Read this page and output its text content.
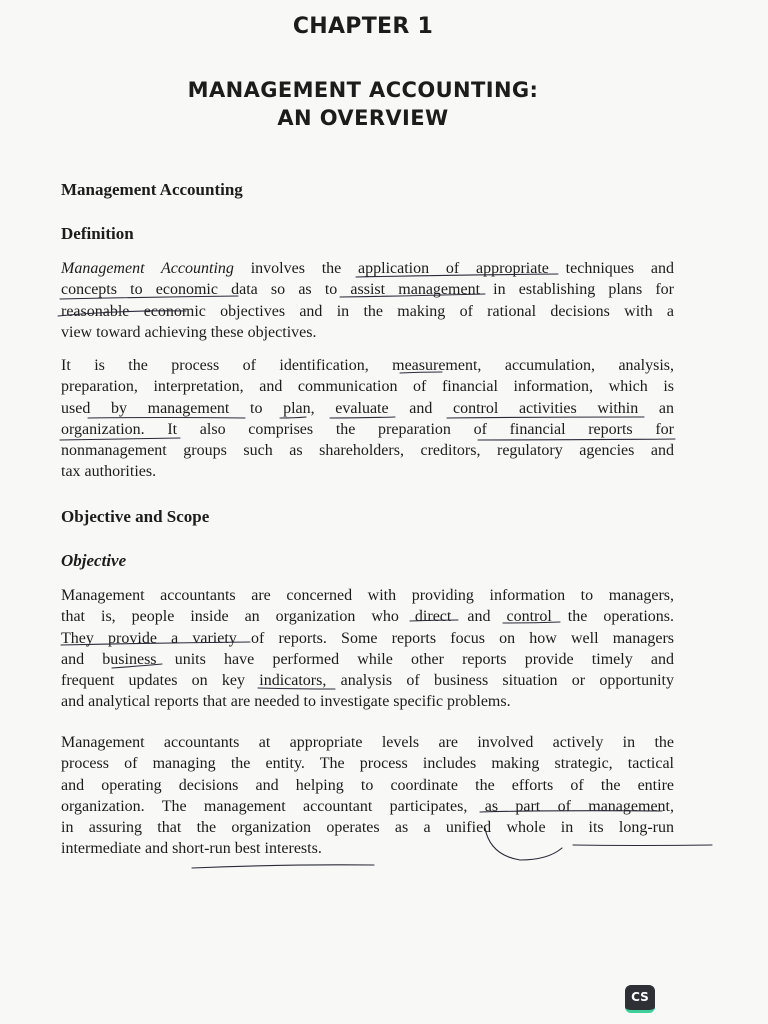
CHAPTER 1
MANAGEMENT ACCOUNTING:
AN OVERVIEW
Management Accounting
Definition
Management Accounting involves the application of appropriate techniques and
concepts to economic data so as to assist management in establishing plans for
reasonable economic objectives and in the making of rational decisions with a
view toward achieving these objectives.
It is the process of identification, measurement, accumulation, analysis,
preparation, interpretation, and communication of financial information, which is
used by management to plan, evaluate and control activities within an
organization. It also comprises the preparation of financial reports for
nonmanagement groups such as shareholders, creditors, regulatory agencies and
tax authorities.
Objective and Scope
Objective
Management accountants are concerned with providing information to managers,
that is, people inside an organization who direct and control the operations.
They provide a variety of reports. Some reports focus on how well managers
and business units have performed while other reports provide timely and
frequent updates on key indicators, analysis of business situation or opportunity
and analytical reports that are needed to investigate specific problems.
Management accountants at appropriate levels are involved actively in the
process of managing the entity. The process includes making strategic, tactical
and operating decisions and helping to coordinate the efforts of the entire
organization. The management accountant participates, as part of management,
in assuring that the organization operates as a unified whole in its long-run
intermediate and short-run best interests.
CS
